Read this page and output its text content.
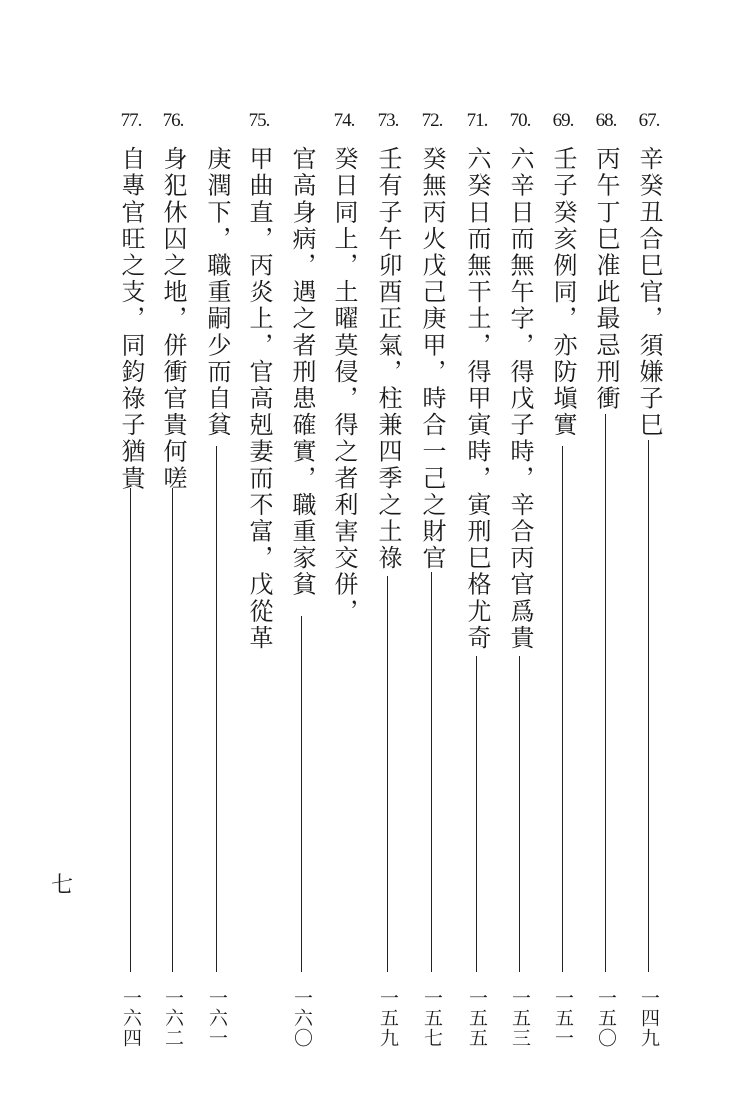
67.
辛癸丑合巳官，須嫌子巳
一四九
68.
丙午丁巳准此最忌刑衝
一五〇
69.
壬子癸亥例同，亦防塡實
一五一
70.
六辛日而無午字，得戊子時，辛合丙官爲貴
一五三
71.
六癸日而無干土，得甲寅時，寅刑巳格尤奇
一五五
72.
癸無丙火戊己庚甲，時合一己之財官
一五七
73.
壬有子午卯酉正氣，柱兼四季之土祿
一五九
74.
癸日同上，土曜莫侵，得之者利害交併，
官高身病，遇之者刑患確實，職重家貧
一六〇
75.
甲曲直，丙炎上，官高剋妻而不富，戊從革
庚潤下，職重嗣少而自貧
一六一
76.
身犯休囚之地，併衝官貴何嗟
一六二
77.
自專官旺之支，同鈞祿子猶貴
一六四
七
